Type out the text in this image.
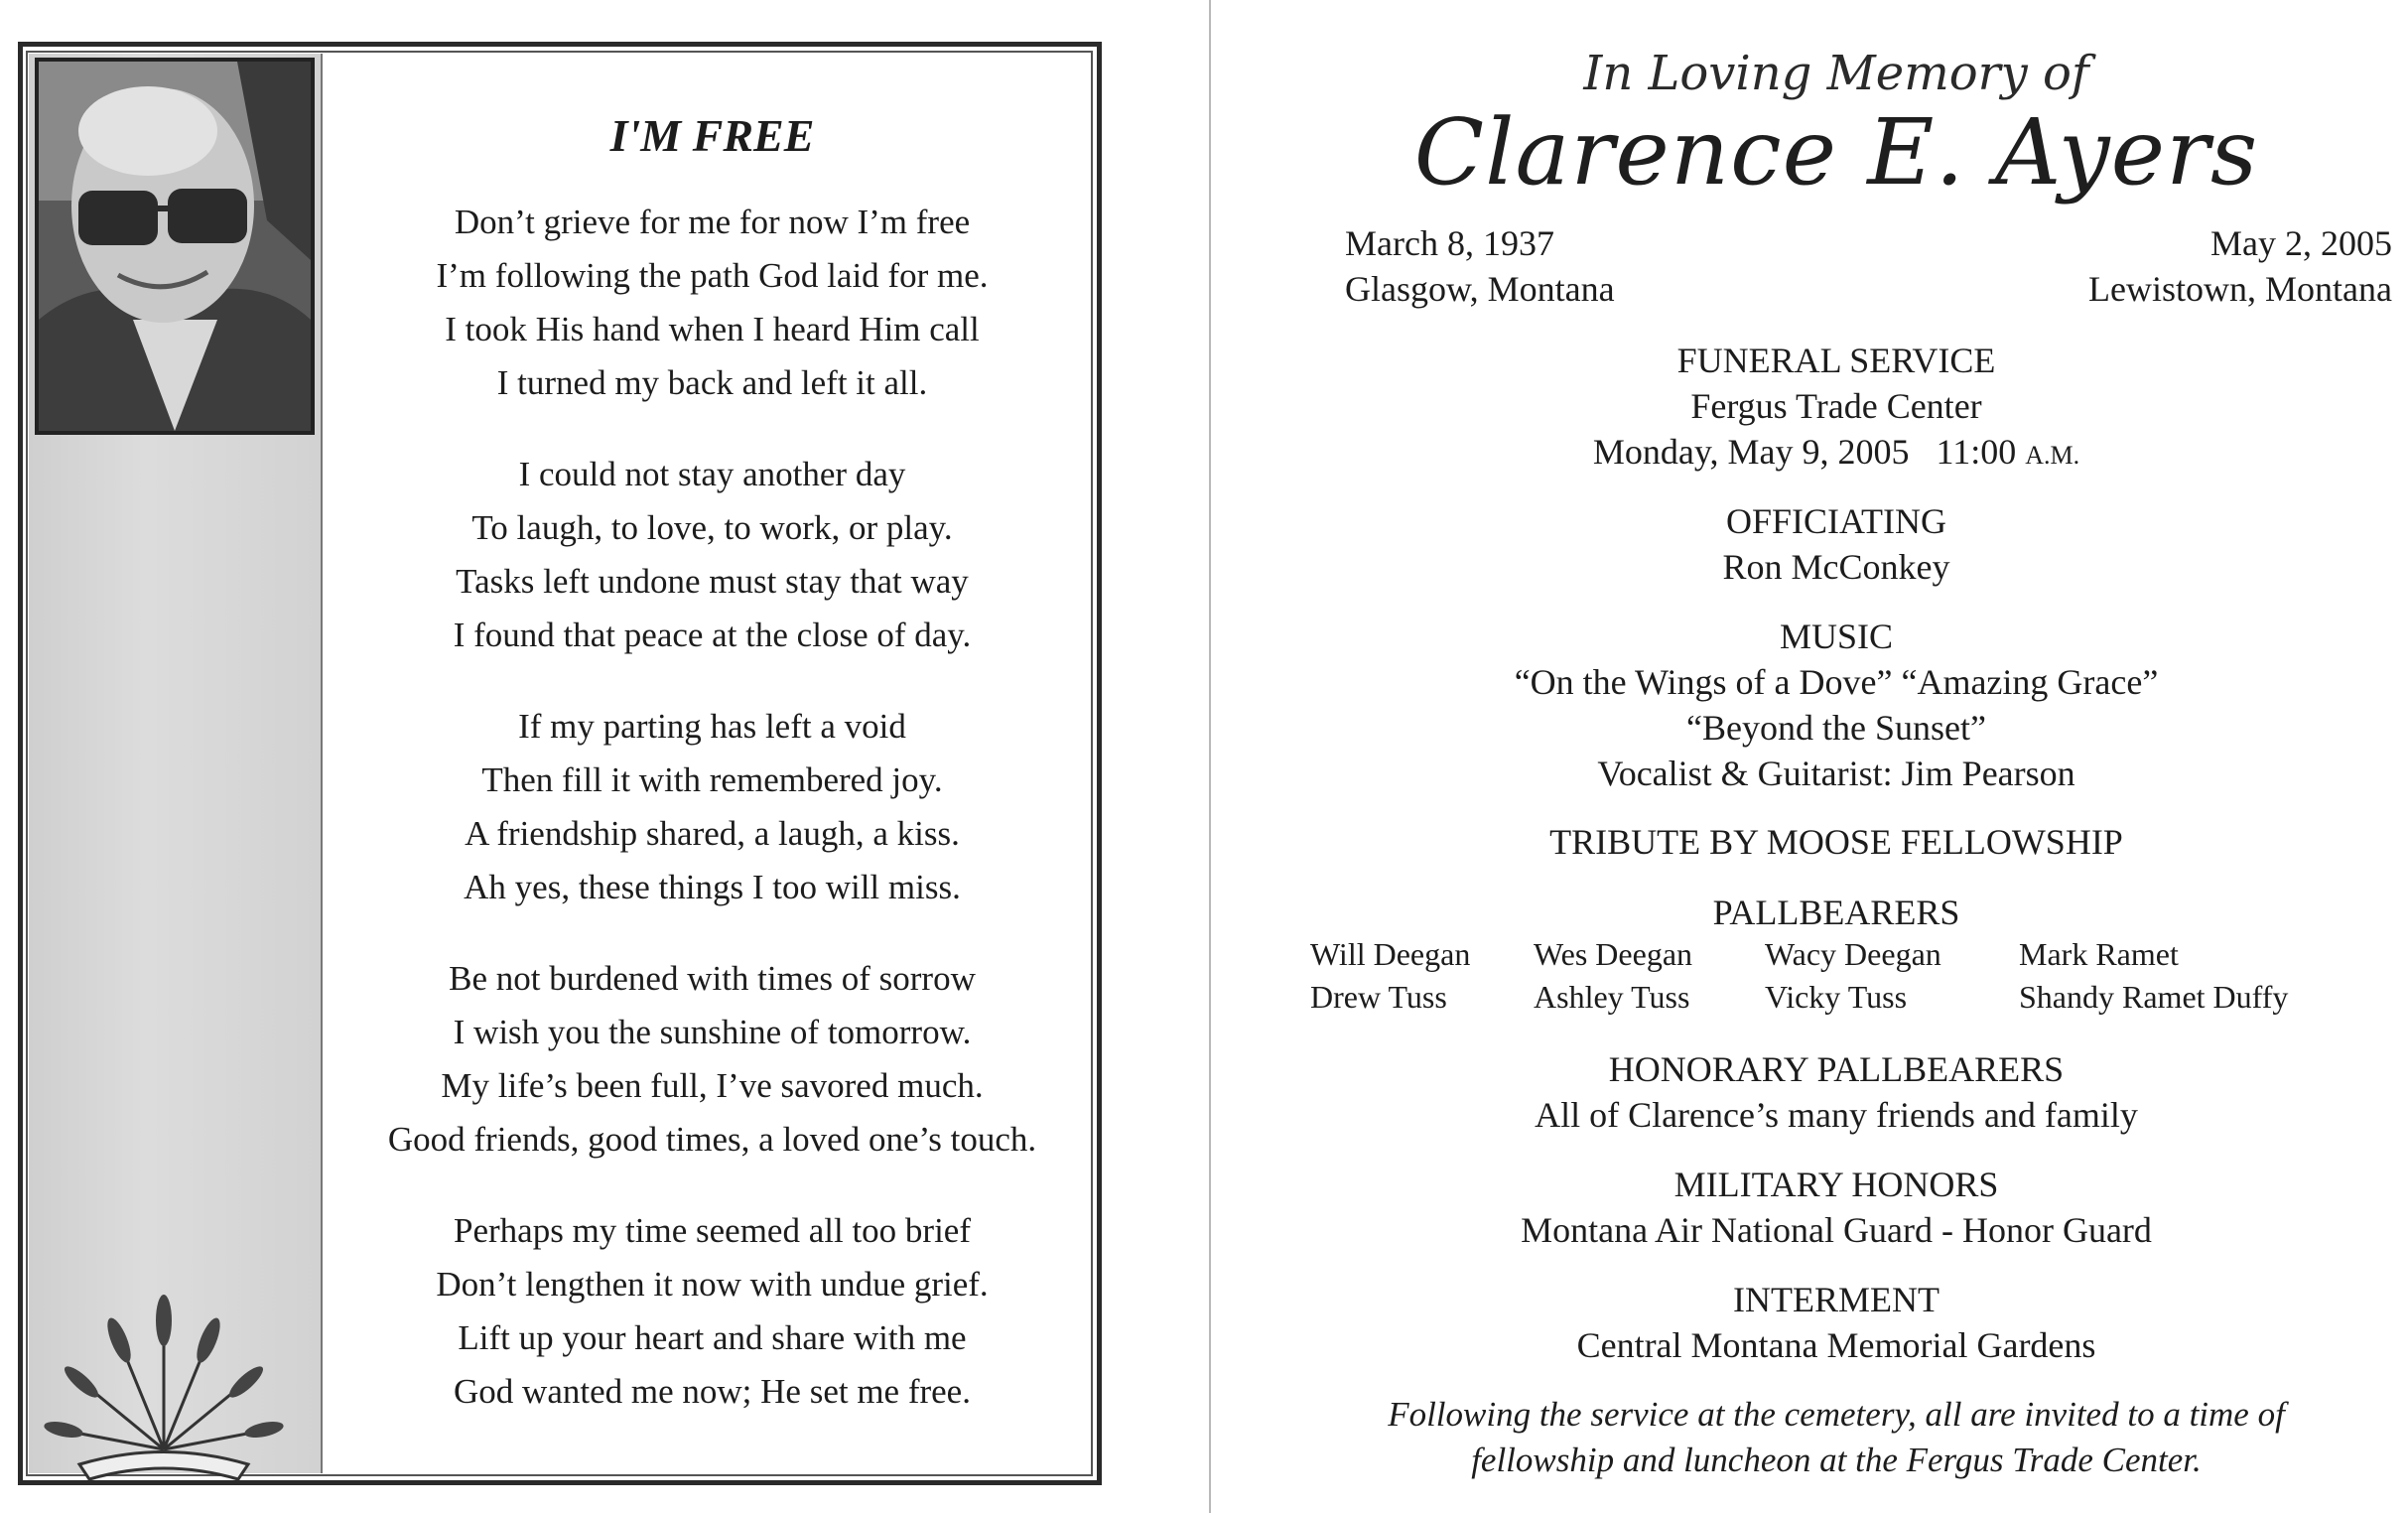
I'M FREE
Don’t grieve for me for now I’m free
I’m following the path God laid for me.
I took His hand when I heard Him call
I turned my back and left it all.
I could not stay another day
To laugh, to love, to work, or play.
Tasks left undone must stay that way
I found that peace at the close of day.
If my parting has left a void
Then fill it with remembered joy.
A friendship shared, a laugh, a kiss.
Ah yes, these things I too will miss.
Be not burdened with times of sorrow
I wish you the sunshine of tomorrow.
My life’s been full, I’ve savored much.
Good friends, good times, a loved one’s touch.
Perhaps my time seemed all too brief
Don’t lengthen it now with undue grief.
Lift up your heart and share with me
God wanted me now; He set me free.
In Loving Memory of
Clarence E. Ayers
March 8, 1937
Glasgow, Montana
May 2, 2005
Lewistown, Montana
FUNERAL SERVICE
Fergus Trade Center
Monday, May 9, 2005 11:00 A.M.
OFFICIATING
Ron McConkey
MUSIC
“On the Wings of a Dove” “Amazing Grace”
“Beyond the Sunset”
Vocalist & Guitarist: Jim Pearson
TRIBUTE BY MOOSE FELLOWSHIP
PALLBEARERS
Will Deegan	Wes Deegan	Wacy Deegan	Mark Ramet
Drew Tuss	Ashley Tuss	Vicky Tuss	Shandy Ramet Duffy
HONORARY PALLBEARERS
All of Clarence’s many friends and family
MILITARY HONORS
Montana Air National Guard - Honor Guard
INTERMENT
Central Montana Memorial Gardens
Following the service at the cemetery, all are invited to a time of
fellowship and luncheon at the Fergus Trade Center.
